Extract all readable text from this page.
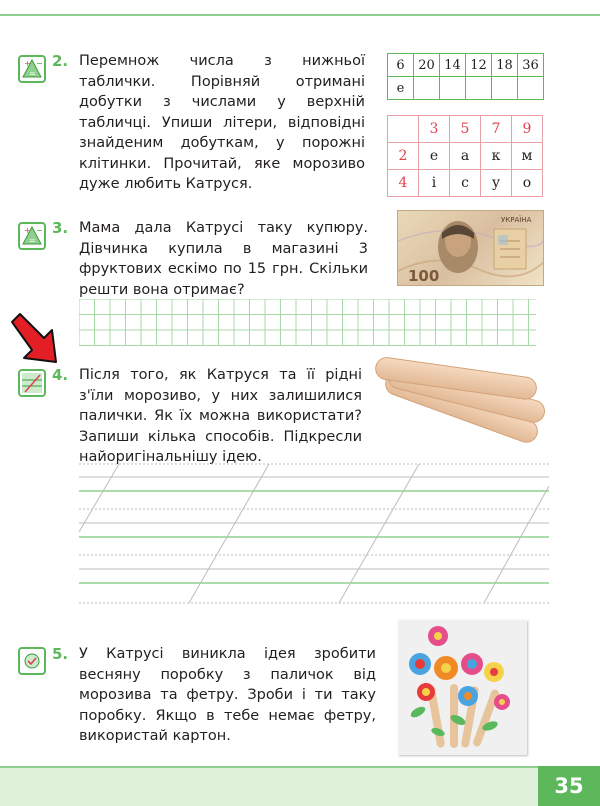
+ −
=
2. Перемнож числа з нижньої таблички. Порівняй отримані добутки з числами у верхній табличці. Упиши літери, відповідні знайденим добуткам, у порожні клітинки. Прочитай, яке морозиво дуже любить Катруся.
6	20	14	12	18	36
е					
	3	5	7	9
2	е	а	к	м
4	і	с	у	о
+ −
=
3. Мама дала Катрусі таку купюру. Дівчинка купила в магазині 3 фруктових ескімо по 15 грн. Скільки решти вона отримає?
100
УКРАЇНА
4. Після того, як Катруся та її рідні з'їли морозиво, у них залишилися палички. Як їх можна використати? Запиши кілька способів. Підкресли найоригінальнішу ідею.
5. У Катрусі виникла ідея зробити весняну поробку з паличок від морозива та фетру. Зроби і ти таку поробку. Якщо в тебе немає фетру, використай картон.
35
